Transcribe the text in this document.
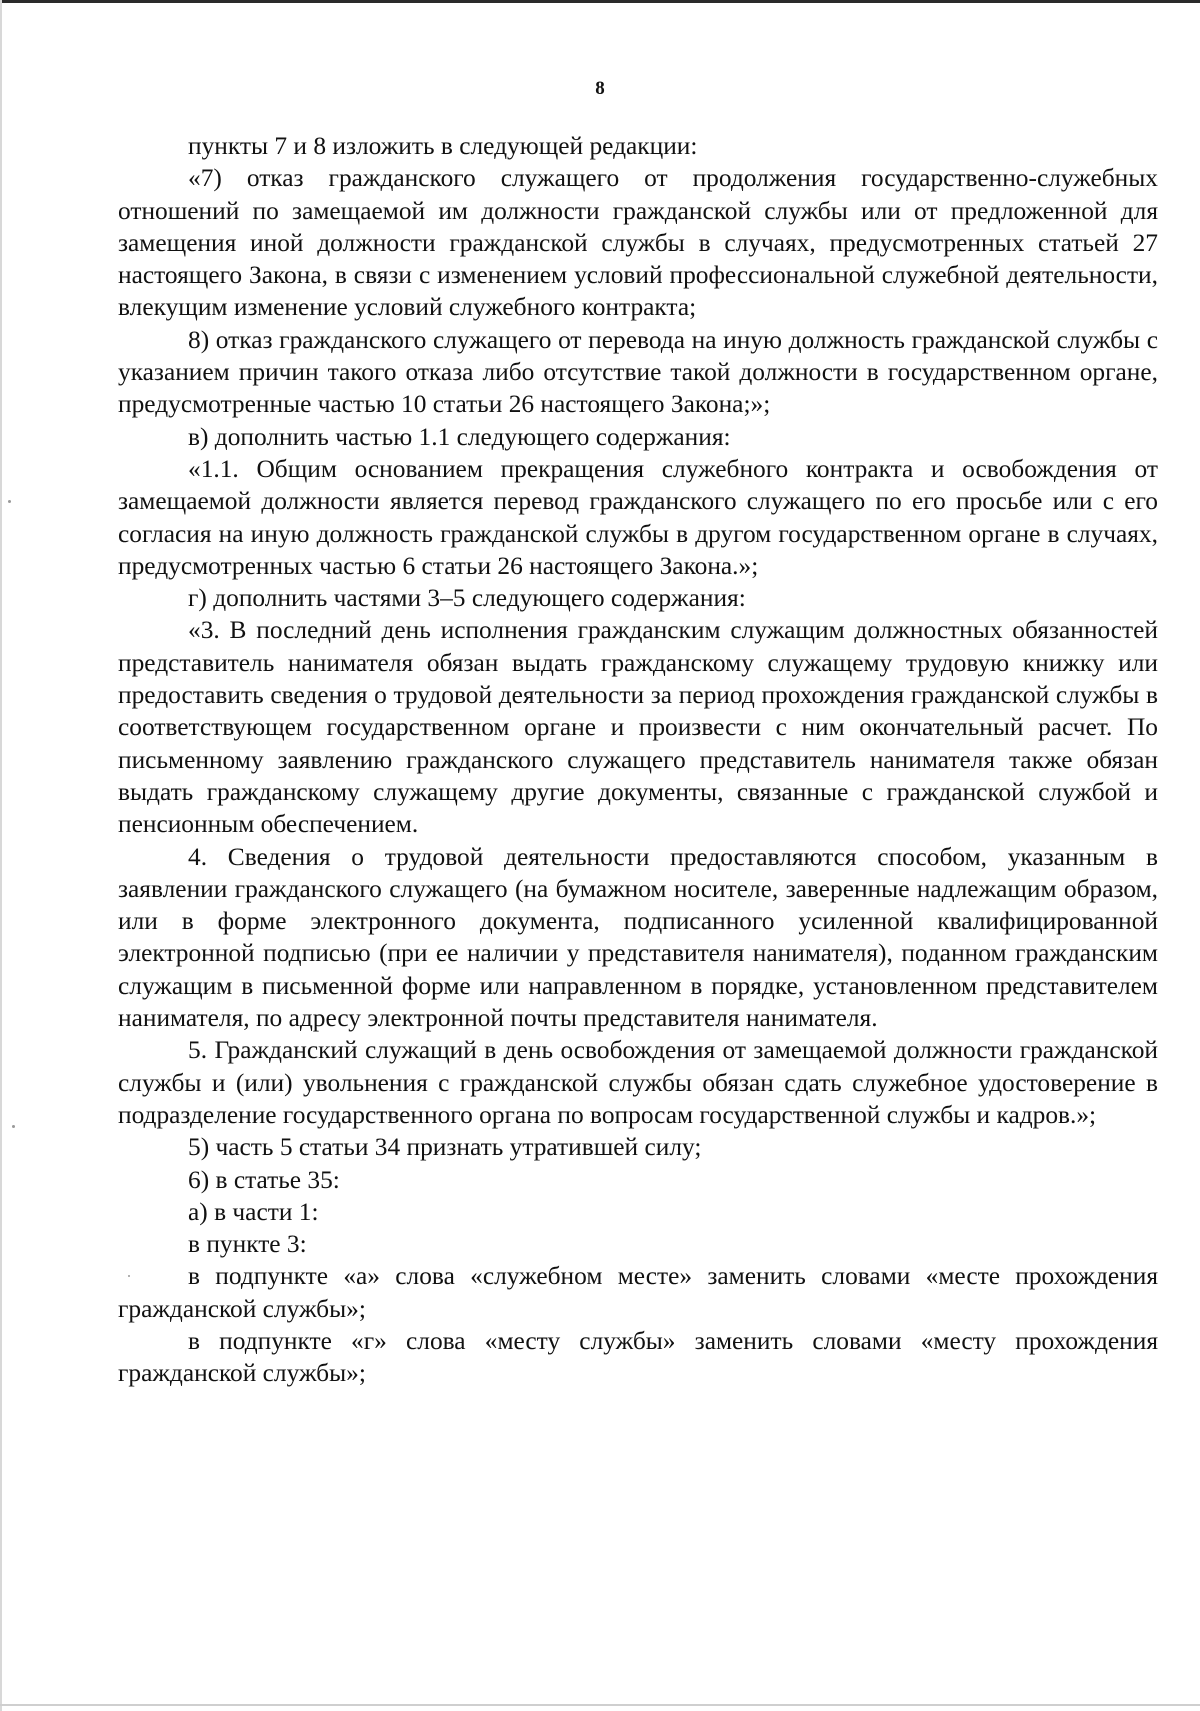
8

пункты 7 и 8 изложить в следующей редакции:

«7) отказ гражданского служащего от продолжения государственно-служебных отношений по замещаемой им должности гражданской службы или от предложенной для замещения иной должности гражданской службы в случаях, предусмотренных статьей 27 настоящего Закона, в связи с изменением условий профессиональной служебной деятельности, влекущим изменение условий служебного контракта;

8) отказ гражданского служащего от перевода на иную должность гражданской службы с указанием причин такого отказа либо отсутствие такой должности в государственном органе, предусмотренные частью 10 статьи 26 настоящего Закона;»;

в) дополнить частью 1.1 следующего содержания:

«1.1. Общим основанием прекращения служебного контракта и освобождения от замещаемой должности является перевод гражданского служащего по его просьбе или с его согласия на иную должность гражданской службы в другом государственном органе в случаях, предусмотренных частью 6 статьи 26 настоящего Закона.»;

г) дополнить частями 3–5 следующего содержания:

«3. В последний день исполнения гражданским служащим должностных обязанностей представитель нанимателя обязан выдать гражданскому служащему трудовую книжку или предоставить сведения о трудовой деятельности за период прохождения гражданской службы в соответствующем государственном органе и произвести с ним окончательный расчет. По письменному заявлению гражданского служащего представитель нанимателя также обязан выдать гражданскому служащему другие документы, связанные с гражданской службой и пенсионным обеспечением.

4. Сведения о трудовой деятельности предоставляются способом, указанным в заявлении гражданского служащего (на бумажном носителе, заверенные надлежащим образом, или в форме электронного документа, подписанного усиленной квалифицированной электронной подписью (при ее наличии у представителя нанимателя), поданном гражданским служащим в письменной форме или направленном в порядке, установленном представителем нанимателя, по адресу электронной почты представителя нанимателя.

5. Гражданский служащий в день освобождения от замещаемой должности гражданской службы и (или) увольнения с гражданской службы обязан сдать служебное удостоверение в подразделение государственного органа по вопросам государственной службы и кадров.»;

5) часть 5 статьи 34 признать утратившей силу;

6) в статье 35:

а) в части 1:

в пункте 3:

в подпункте «а» слова «служебном месте» заменить словами «месте прохождения гражданской службы»;

в подпункте «г» слова «месту службы» заменить словами «месту прохождения гражданской службы»;
